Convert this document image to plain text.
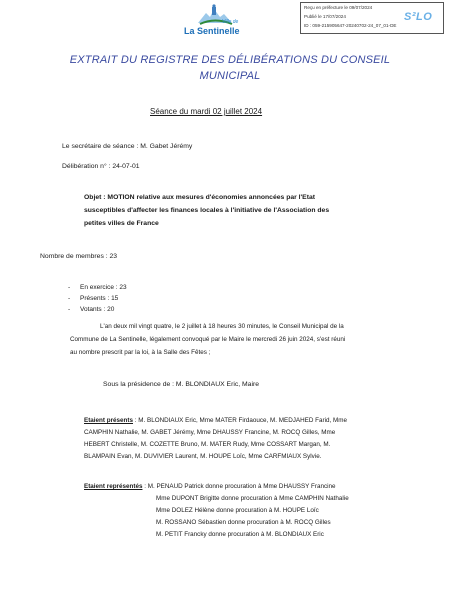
Ville de
La Sentinelle
Reçu en préfecture le 09/07/2024
Publié le 17/07/2024
ID : 059-215905647-20240702-24_07_01-DE
S²LO
EXTRAIT DU REGISTRE DES DÉLIBÉRATIONS DU CONSEIL
MUNICIPAL
Séance du mardi 02 juillet 2024
Le secrétaire de séance : M. Gabet Jérémy
Délibération n° : 24-07-01
Objet : MOTION relative aux mesures d'économies annoncées par l'Etat
susceptibles d'affecter les finances locales à l'initiative de l'Association des
petites villes de France
Nombre de membres : 23
- En exercice : 23
- Présents : 15
- Votants : 20
L'an deux mil vingt quatre, le 2 juillet à 18 heures 30 minutes, le Conseil Municipal de la
Commune de La Sentinelle, légalement convoqué par le Maire le mercredi 26 juin 2024, s'est réuni
au nombre prescrit par la loi, à la Salle des Fêtes ;
Sous la présidence de : M. BLONDIAUX Eric, Maire
Etaient présents : M. BLONDIAUX Eric, Mme MATER Firdaouce, M. MEDJAHED Farid, Mme
CAMPHIN Nathalie, M. GABET Jérémy, Mme DHAUSSY Francine, M. ROCQ Gilles, Mme
HEBERT Christelle, M. COZETTE Bruno, M. MATER Rudy, Mme COSSART Margan, M.
BLAMPAIN Evan, M. DUVIVIER Laurent, M. HOUPE Loïc, Mme CARFMIAUX Sylvie.
Etaient représentés : M. PENAUD Patrick donne procuration à Mme DHAUSSY Francine
Mme DUPONT Brigitte donne procuration à Mme CAMPHIN Nathalie
Mme DOLEZ Hélène donne procuration à M. HOUPE Loïc
M. ROSSANO Sébastien donne procuration à M. ROCQ Gilles
M. PETIT Francky donne procuration à M. BLONDIAUX Eric
